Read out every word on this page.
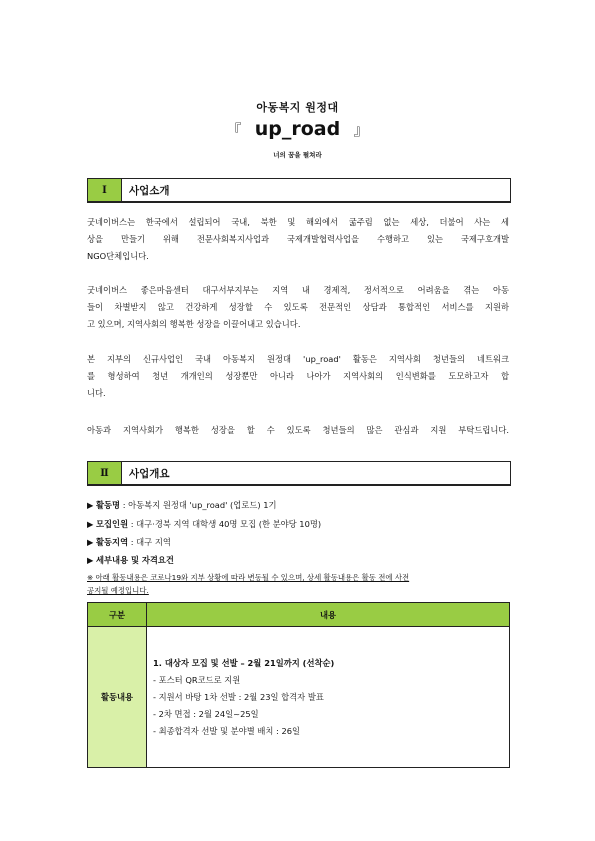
아동복지 원정대
『 up_road 』
너의 꿈을 펼쳐라
Ⅰ	사업소개
굿네이버스는 한국에서 설립되어 국내, 북한 및 해외에서 굶주림 없는 세상, 더불어 사는 세
상을 만들기 위해 전문사회복지사업과 국제개발협력사업을 수행하고 있는 국제구호개발
NGO단체입니다.
굿네이버스 좋은마음센터 대구서부지부는 지역 내 경제적, 정서적으로 어려움을 겪는 아동
들이 차별받지 않고 건강하게 성장할 수 있도록 전문적인 상담과 통합적인 서비스를 지원하
고 있으며, 지역사회의 행복한 성장을 이끌어내고 있습니다.
본 지부의 신규사업인 국내 아동복지 원정대 'up_road' 활동은 지역사회 청년들의 네트워크
를 형성하여 청년 개개인의 성장뿐만 아니라 나아가 지역사회의 인식변화를 도모하고자 합
니다.
아동과 지역사회가 행복한 성장을 할 수 있도록 청년들의 많은 관심과 지원 부탁드립니다.
Ⅱ	사업개요
▶ 활동명 : 아동복지 원정대 'up_road' (업로드) 1기
▶ 모집인원 : 대구·경북 지역 대학생 40명 모집 (한 분야당 10명)
▶ 활동지역 : 대구 지역
▶ 세부내용 및 자격요건
※ 아래 활동내용은 코로나19와 지부 상황에 따라 변동될 수 있으며, 상세 활동내용은 활동 전에 사전
공지될 예정입니다.
구분	내용
활동내용	1. 대상자 모집 및 선발 – 2월 21일까지 (선착순)
- 포스터 QR코드로 지원
- 지원서 바탕 1차 선발 : 2월 23일 합격자 발표
- 2차 면접 : 2월 24일~25일
- 최종합격자 선발 및 분야별 배치 : 26일
